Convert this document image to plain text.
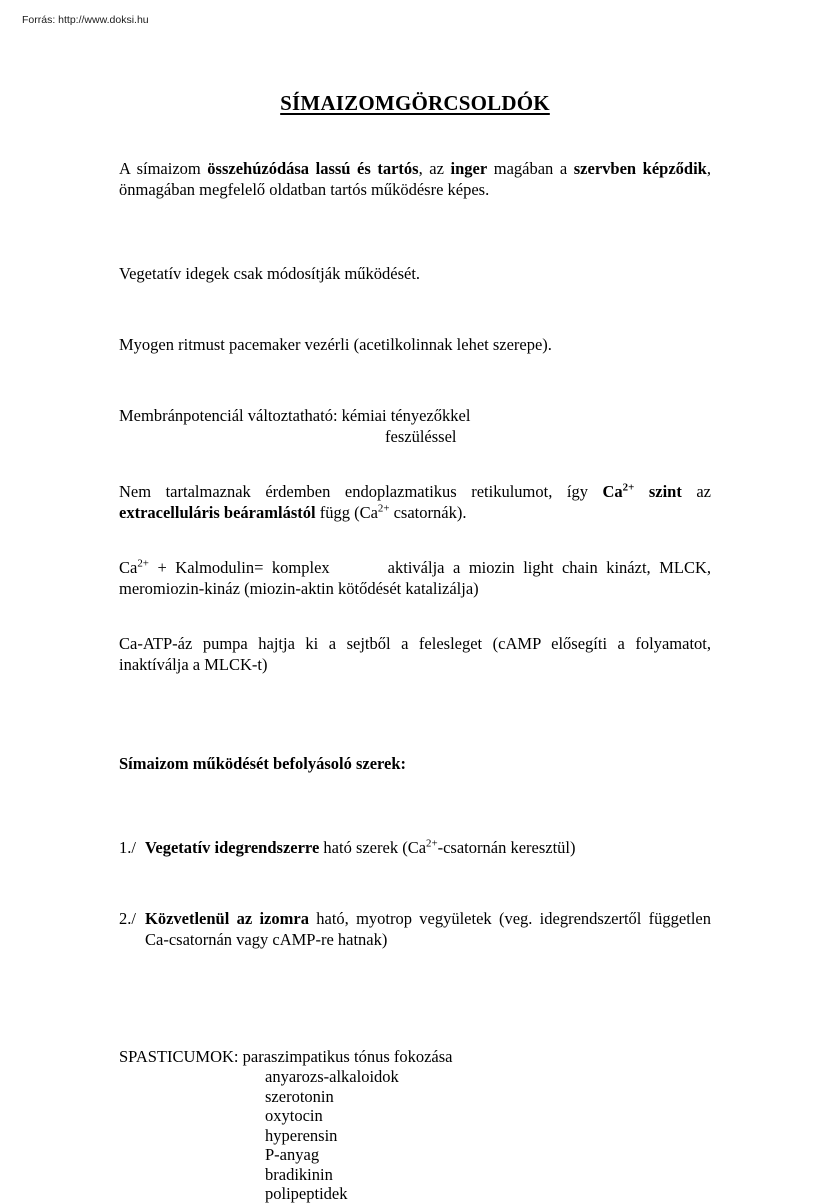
Forrás: http://www.doksi.hu
SÍMAIZOMGÖRCSOLDÓK

A símaizom összehúzódása lassú és tartós, az inger magában a szervben képződik, önmagában megfelelő oldatban tartós működésre képes.

Vegetatív idegek csak módosítják működését.

Myogen ritmust pacemaker vezérli (acetilkolinnak lehet szerepe).

Membránpotenciál változtatható: kémiai tényezőkkel
feszüléssel

Nem tartalmaznak érdemben endoplazmatikus retikulumot, így $Ca^{2+}$ szint az extracelluláris beáramlástól függ ($Ca^{2+}$ csatornák).

$Ca^{2+}$ + Kalmodulin= komplex	aktiválja a miozin light chain kinázt, MLCK, meromiozin-kináz (miozin-aktin kötődését katalizálja)

Ca-ATP-áz pumpa hajtja ki a sejtből a felesleget (cAMP elősegíti a folyamatot, inaktíválja a MLCK-t)

Símaizom működését befolyásoló szerek:

1./ Vegetatív idegrendszerre ható szerek ($Ca^{2+}$-csatornán keresztül)
2./ Közvetlenül az izomra ható, myotrop vegyületek (veg. idegrendszertől független Ca-csatornán vagy cAMP-re hatnak)

SPASTICUMOK: paraszimpatikus tónus fokozása

anyarozs-alkaloidok
szerotonin
oxytocin
hyperensin
P-anyag
bradikinin
polipeptidek
